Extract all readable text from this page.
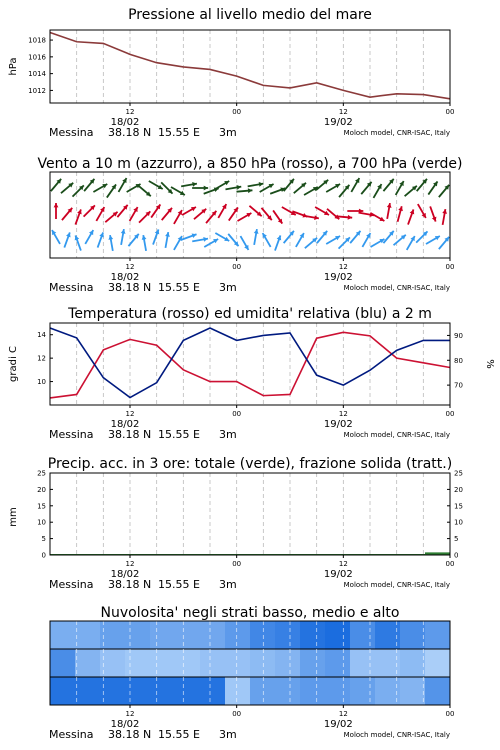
Pressione al livello medio del mare
1012
1014
1016
1018
hPa
12	00	12	00
18/02	19/02
Messina 38.18 N 15.55 E 3m	Moloch model, CNR-ISAC, Italy
Vento a 10 m (azzurro), a 850 hPa (rosso), a 700 hPa (verde)
12	00	12	00
18/02	19/02
Messina 38.18 N 15.55 E 3m	Moloch model, CNR-ISAC, Italy
Temperatura (rosso) ed umidita' relativa (blu) a 2 m
10
12
14
70
80
90
gradi C	%
12	00	12	00
18/02	19/02
Messina 38.18 N 15.55 E 3m	Moloch model, CNR-ISAC, Italy
Precip. acc. in 3 ore: totale (verde), frazione solida (tratt.)
0	0
5	5
10	10
15	15
20	20
25	25
mm
12	00	12	00
18/02	19/02
Messina 38.18 N 15.55 E 3m	Moloch model, CNR-ISAC, Italy
Nuvolosita' negli strati basso, medio e alto
12	00	12	00
18/02	19/02
Messina 38.18 N 15.55 E 3m	Moloch model, CNR-ISAC, Italy
